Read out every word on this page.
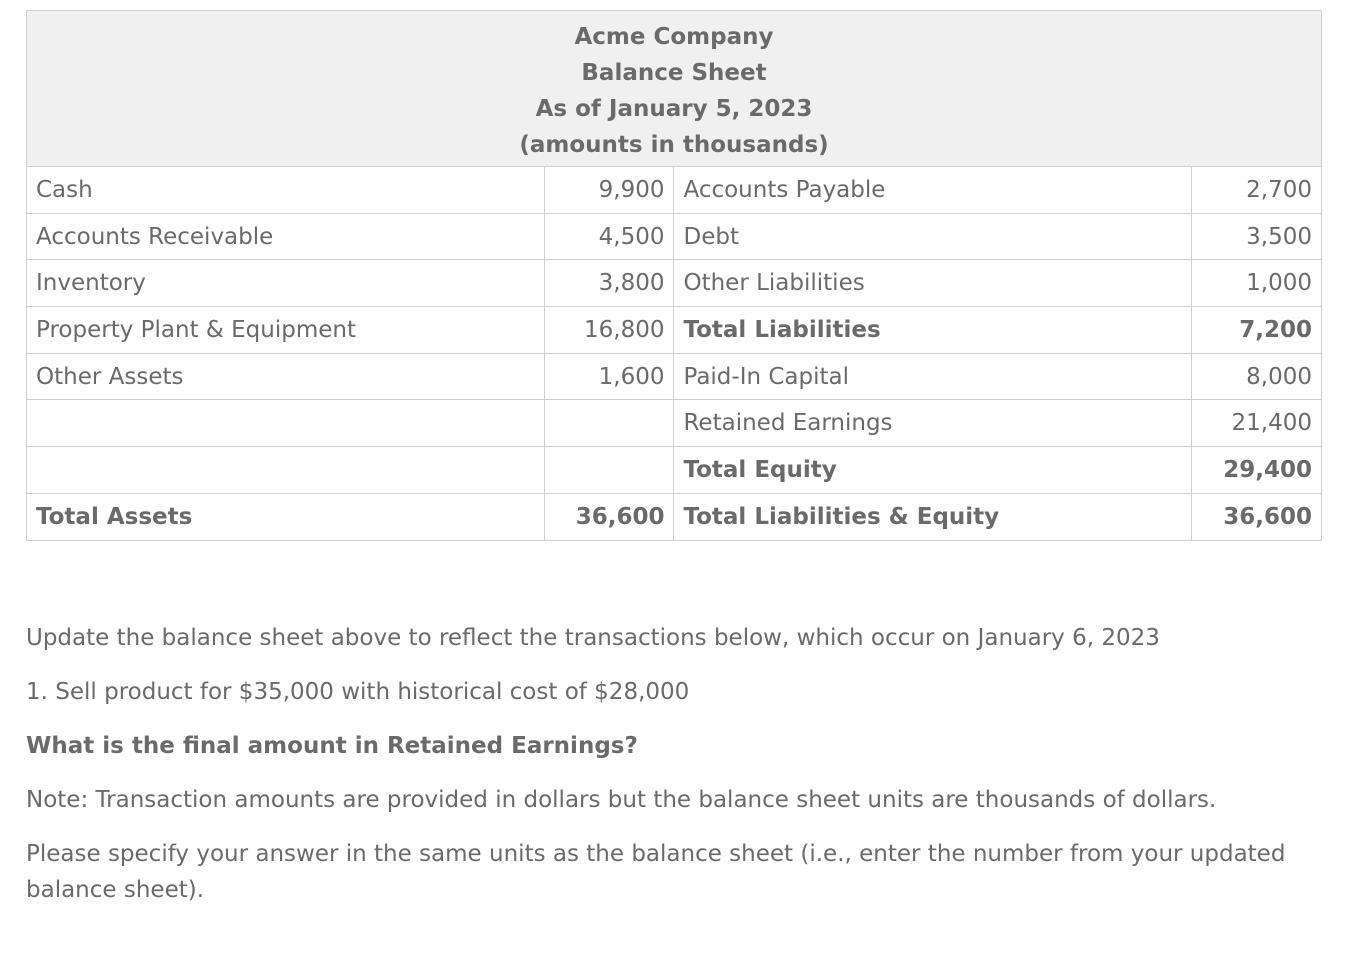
Acme Company
Balance Sheet
As of January 5, 2023
(amounts in thousands)			

Cash	9,900	Accounts Payable	2,700
Accounts Receivable	4,500	Debt	3,500
Inventory	3,800	Other Liabilities	1,000
Property Plant & Equipment	16,800	Total Liabilities	7,200
Other Assets	1,600	Paid-In Capital	8,000
		Retained Earnings	21,400
		Total Equity	29,400
Total Assets	36,600	Total Liabilities & Equity	36,600

Update the balance sheet above to reflect the transactions below, which occur on January 6, 2023

1. Sell product for $35,000 with historical cost of $28,000

What is the final amount in Retained Earnings?

Note: Transaction amounts are provided in dollars but the balance sheet units are thousands of dollars.

Please specify your answer in the same units as the balance sheet (i.e., enter the number from your updated balance sheet).
